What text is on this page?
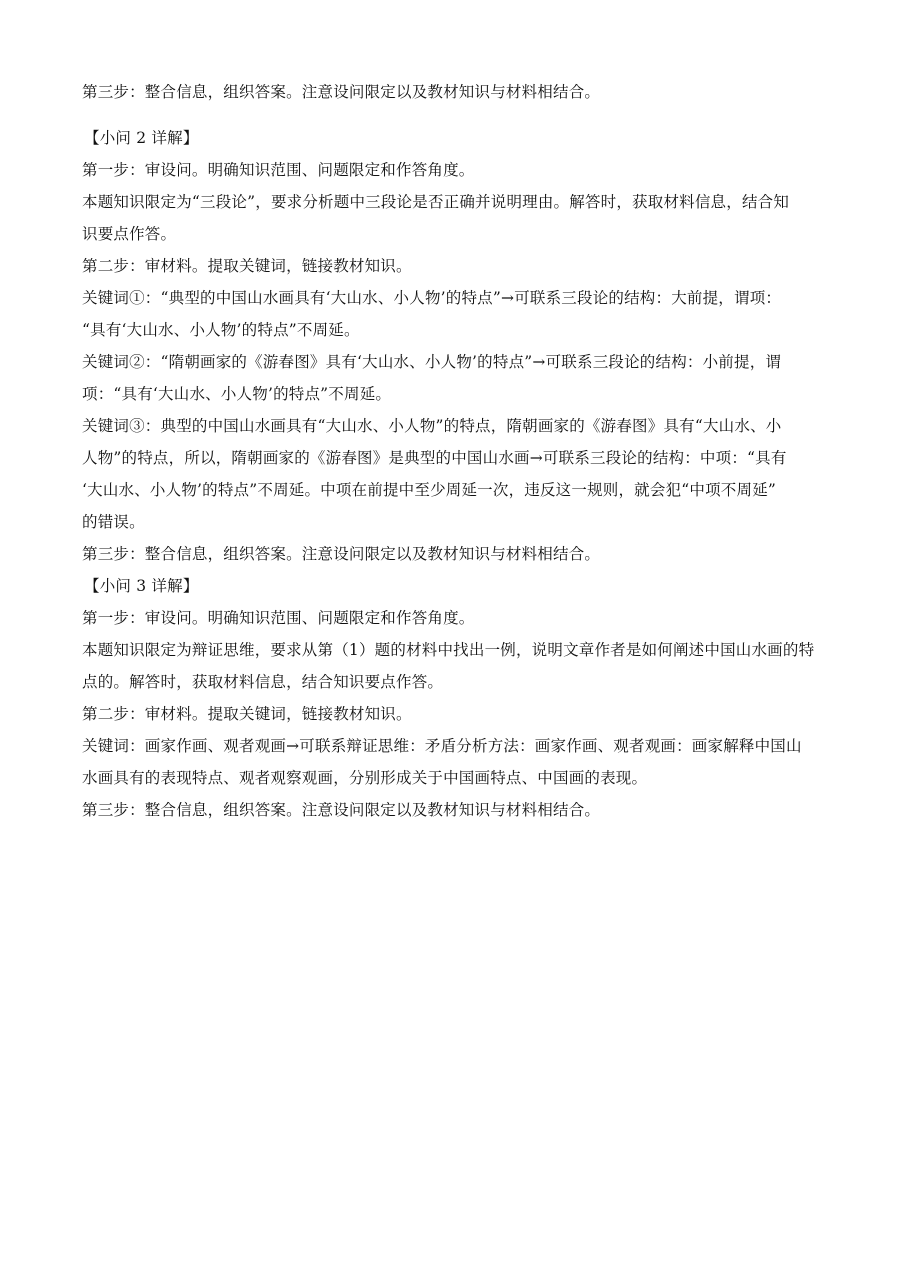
第三步：整合信息，组织答案。注意设问限定以及教材知识与材料相结合。
【小问 2 详解】
第一步：审设问。明确知识范围、问题限定和作答角度。
本题知识限定为“三段论”，要求分析题中三段论是否正确并说明理由。解答时，获取材料信息，结合知
识要点作答。
第二步：审材料。提取关键词，链接教材知识。
关键词①：“典型的中国山水画具有‘大山水、小人物’的特点”→可联系三段论的结构：大前提，谓项：
“具有‘大山水、小人物’的特点”不周延。
关键词②：“隋朝画家的《游春图》具有‘大山水、小人物’的特点”→可联系三段论的结构：小前提，谓
项：“具有‘大山水、小人物’的特点”不周延。
关键词③：典型的中国山水画具有“大山水、小人物”的特点，隋朝画家的《游春图》具有“大山水、小
人物”的特点，所以，隋朝画家的《游春图》是典型的中国山水画→可联系三段论的结构：中项：“具有
‘大山水、小人物’的特点”不周延。中项在前提中至少周延一次，违反这一规则，就会犯“中项不周延”
的错误。
第三步：整合信息，组织答案。注意设问限定以及教材知识与材料相结合。
【小问 3 详解】
第一步：审设问。明确知识范围、问题限定和作答角度。
本题知识限定为辩证思维，要求从第（1）题的材料中找出一例，说明文章作者是如何阐述中国山水画的特
点的。解答时，获取材料信息，结合知识要点作答。
第二步：审材料。提取关键词，链接教材知识。
关键词：画家作画、观者观画→可联系辩证思维：矛盾分析方法：画家作画、观者观画：画家解释中国山
水画具有的表现特点、观者观察观画，分别形成关于中国画特点、中国画的表现。
第三步：整合信息，组织答案。注意设问限定以及教材知识与材料相结合。
